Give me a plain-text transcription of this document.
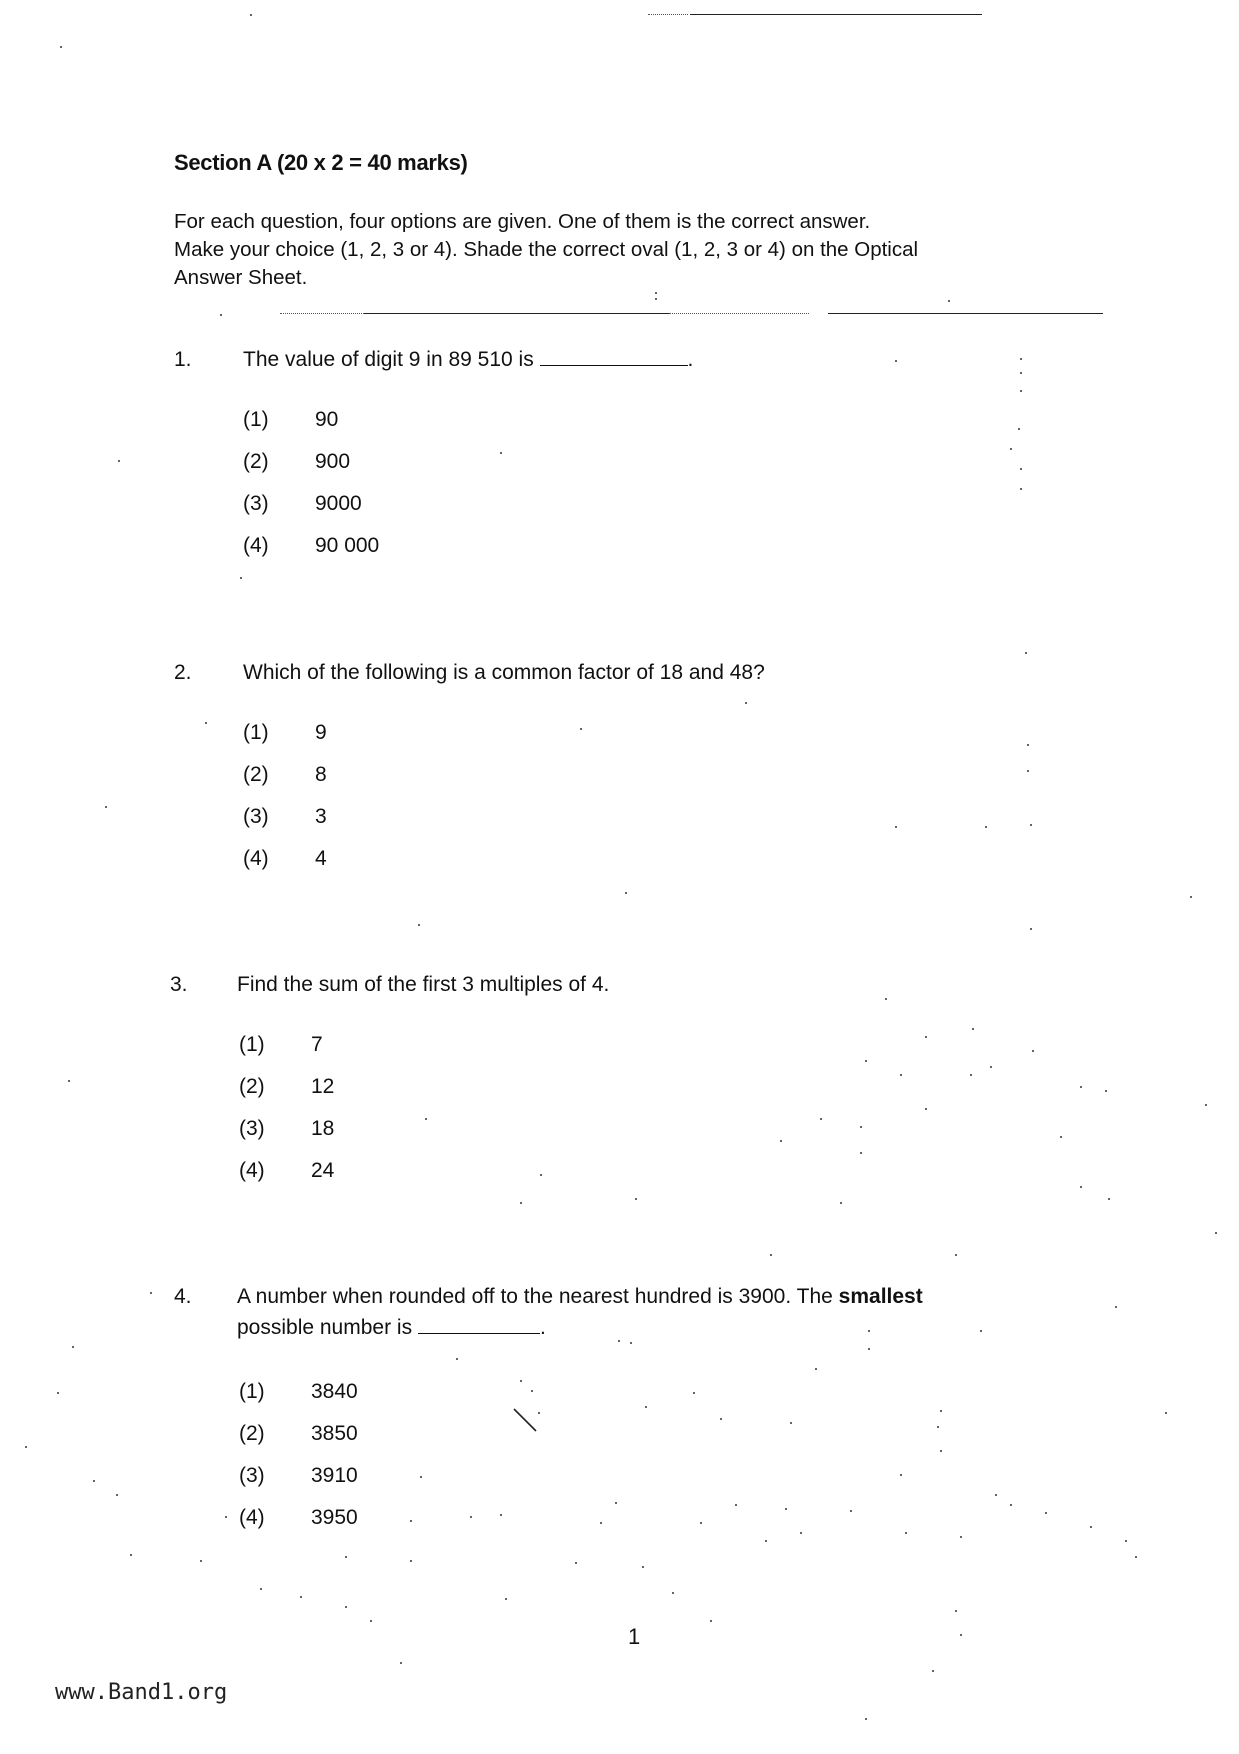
Section A (20 x 2 = 40 marks)
For each question, four options are given. One of them is the correct answer.
Make your choice (1, 2, 3 or 4). Shade the correct oval (1, 2, 3 or 4) on the Optical
Answer Sheet.
1. The value of digit 9 in 89 510 is	.
(1) 90
(2) 900
(3) 9000
(4) 90 000
2. Which of the following is a common factor of 18 and 48?
(1) 9
(2) 8
(3) 3
(4) 4
3. Find the sum of the first 3 multiples of 4.
(1) 7
(2) 12
(3) 18
(4) 24
4. A number when rounded off to the nearest hundred is 3900. The smallest
possible number is	.
(1) 3840
(2) 3850
(3) 3910
(4) 3950
1
www.Band1.org
